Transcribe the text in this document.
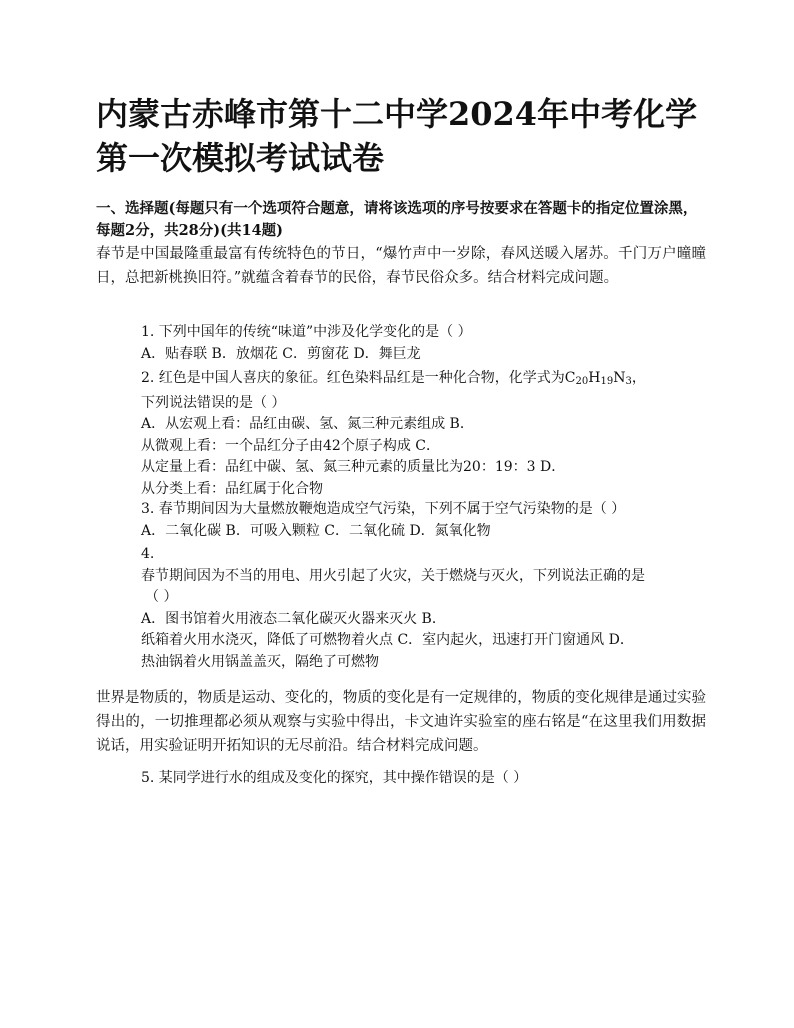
内蒙古赤峰市第十二中学2024年中考化学第一次模拟考试试卷

一、选择题(每题只有一个选项符合题意，请将该选项的序号按要求在答题卡的指定位置涂黑，每题2分，共28分)(共14题)

春节是中国最隆重最富有传统特色的节日，“爆竹声中一岁除，春风送暖入屠苏。千门万户曈曈日，总把新桃换旧符。”就蕴含着春节的民俗，春节民俗众多。结合材料完成问题。

1. 下列中国年的传统“味道”中涉及化学变化的是（ ）
A．贴春联 B．放烟花 C．剪窗花 D．舞巨龙
2. 红色是中国人喜庆的象征。红色染料品红是一种化合物，化学式为$C_{20}H_{19}N_3$，
下列说法错误的是（ ）
A．从宏观上看：品红由碳、氢、氮三种元素组成 B．
从微观上看：一个品红分子由42个原子构成 C．
从定量上看：品红中碳、氢、氮三种元素的质量比为20：19：3 D．
从分类上看：品红属于化合物
3. 春节期间因为大量燃放鞭炮造成空气污染，下列不属于空气污染物的是（ ）
A．二氧化碳 B．可吸入颗粒 C．二氧化硫 D．氮氧化物
4.
春节期间因为不当的用电、用火引起了火灾，关于燃烧与灭火，下列说法正确的是
（ ）
A．图书馆着火用液态二氧化碳灭火器来灭火 B．
纸箱着火用水浇灭，降低了可燃物着火点 C．室内起火，迅速打开门窗通风 D．
热油锅着火用锅盖盖灭，隔绝了可燃物

世界是物质的，物质是运动、变化的，物质的变化是有一定规律的，物质的变化规律是通过实验得出的，一切推理都必须从观察与实验中得出，卡文迪许实验室的座右铭是“在这里我们用数据说话，用实验证明开拓知识的无尽前沿。结合材料完成问题。

5. 某同学进行水的组成及变化的探究，其中操作错误的是（ ）
